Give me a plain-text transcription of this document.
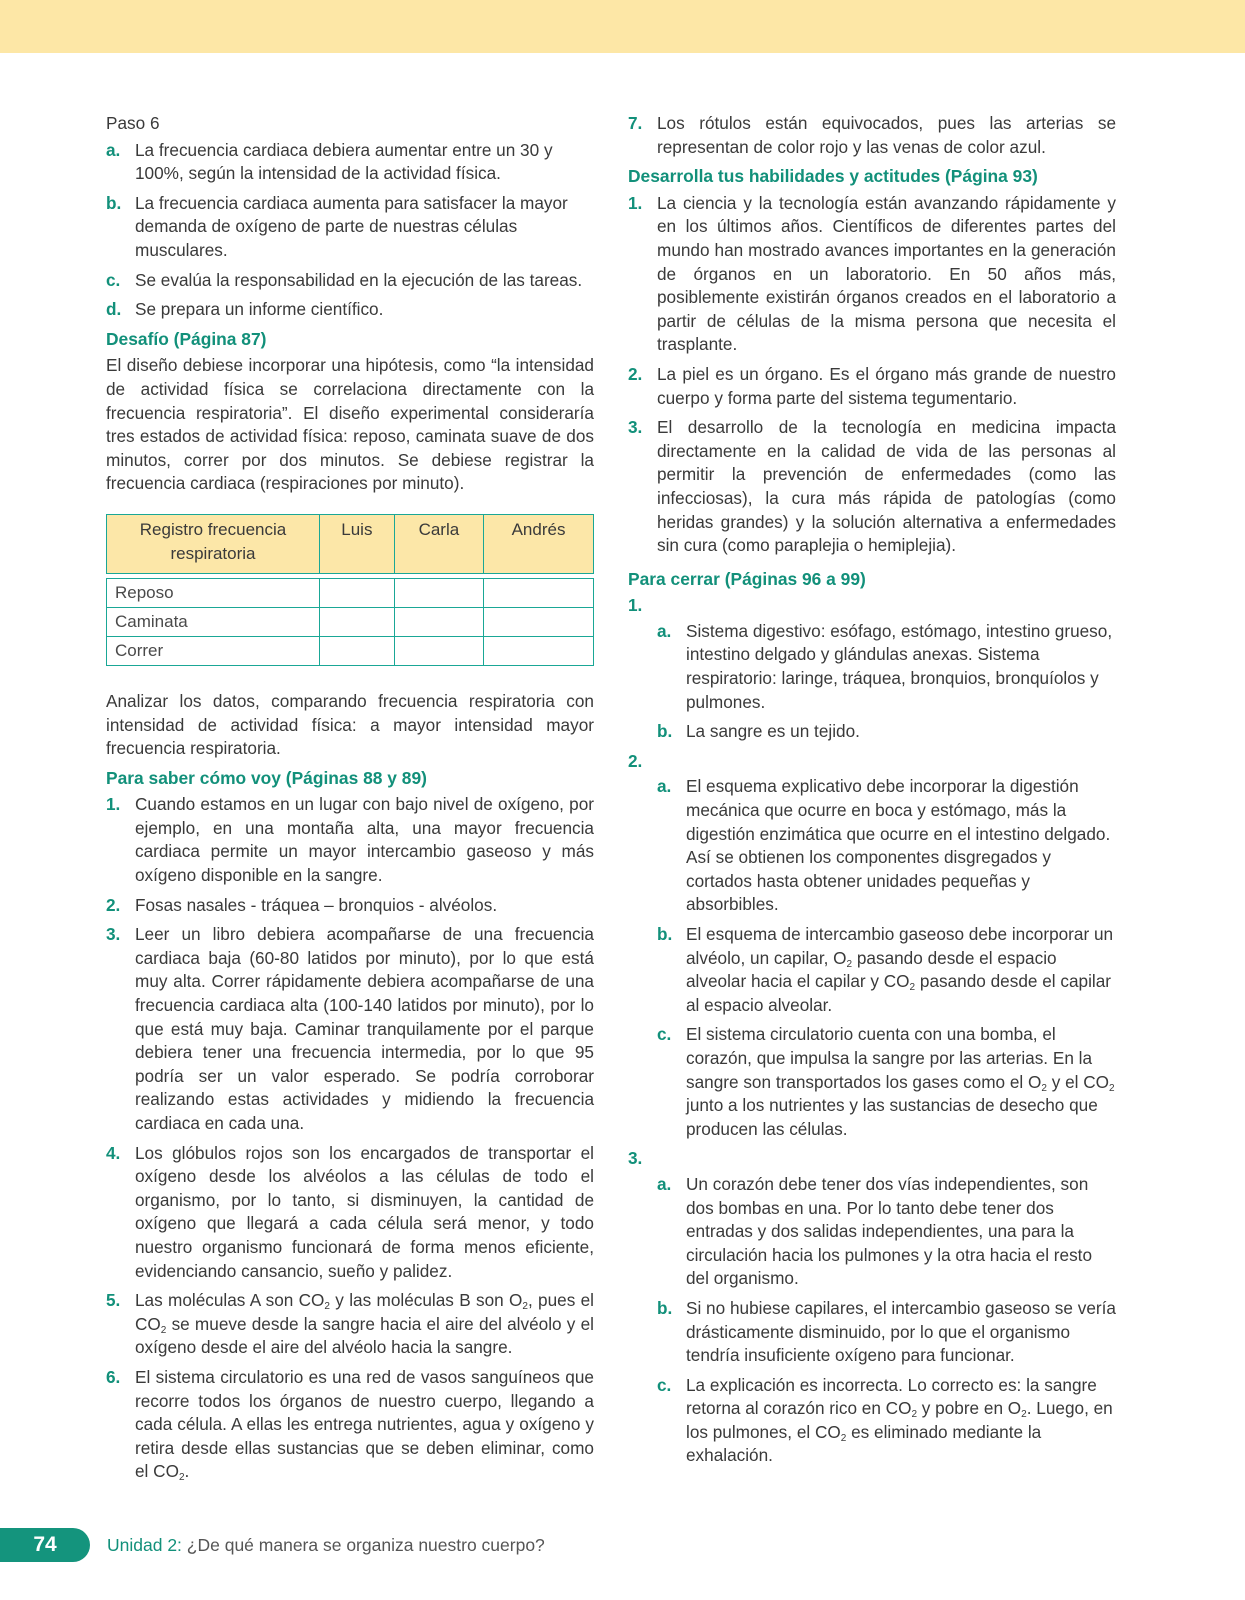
Paso 6
a. La frecuencia cardiaca debiera aumentar entre un 30 y 100%, según la intensidad de la actividad física.
b. La frecuencia cardiaca aumenta para satisfacer la mayor demanda de oxígeno de parte de nuestras células musculares.
c. Se evalúa la responsabilidad en la ejecución de las tareas.
d. Se prepara un informe científico.
Desafío (Página 87)
El diseño debiese incorporar una hipótesis, como “la intensidad de actividad física se correlaciona directamente con la frecuencia respiratoria”. El diseño experimental consideraría tres estados de actividad física: reposo, caminata suave de dos minutos, correr por dos minutos. Se debiese registrar la frecuencia cardiaca (respiraciones por minuto).
Registro frecuencia respiratoria	Luis	Carla	Andrés

Reposo			
Caminata			
Correr			
Analizar los datos, comparando frecuencia respiratoria con intensidad de actividad física: a mayor intensidad mayor frecuencia respiratoria.
Para saber cómo voy (Páginas 88 y 89)
1. Cuando estamos en un lugar con bajo nivel de oxígeno, por ejemplo, en una montaña alta, una mayor frecuencia cardiaca permite un mayor intercambio gaseoso y más oxígeno disponible en la sangre.
2. Fosas nasales - tráquea – bronquios - alvéolos.
3. Leer un libro debiera acompañarse de una frecuencia cardiaca baja (60-80 latidos por minuto), por lo que está muy alta. Correr rápidamente debiera acompañarse de una frecuencia cardiaca alta (100-140 latidos por minuto), por lo que está muy baja. Caminar tranquilamente por el parque debiera tener una frecuencia intermedia, por lo que 95 podría ser un valor esperado. Se podría corroborar realizando estas actividades y midiendo la frecuencia cardiaca en cada una.
4. Los glóbulos rojos son los encargados de transportar el oxígeno desde los alvéolos a las células de todo el organismo, por lo tanto, si disminuyen, la cantidad de oxígeno que llegará a cada célula será menor, y todo nuestro organismo funcionará de forma menos eficiente, evidenciando cansancio, sueño y palidez.
5. Las moléculas A son $CO_2$ y las moléculas B son $O_2$, pues el $CO_2$ se mueve desde la sangre hacia el aire del alvéolo y el oxígeno desde el aire del alvéolo hacia la sangre.
6. El sistema circulatorio es una red de vasos sanguíneos que recorre todos los órganos de nuestro cuerpo, llegando a cada célula. A ellas les entrega nutrientes, agua y oxígeno y retira desde ellas sustancias que se deben eliminar, como el $CO_2$.
7. Los rótulos están equivocados, pues las arterias se representan de color rojo y las venas de color azul.
Desarrolla tus habilidades y actitudes (Página 93)
1. La ciencia y la tecnología están avanzando rápidamente y en los últimos años. Científicos de diferentes partes del mundo han mostrado avances importantes en la generación de órganos en un laboratorio. En 50 años más, posiblemente existirán órganos creados en el laboratorio a partir de células de la misma persona que necesita el trasplante.
2. La piel es un órgano. Es el órgano más grande de nuestro cuerpo y forma parte del sistema tegumentario.
3. El desarrollo de la tecnología en medicina impacta directamente en la calidad de vida de las personas al permitir la prevención de enfermedades (como las infecciosas), la cura más rápida de patologías (como heridas grandes) y la solución alternativa a enfermedades sin cura (como paraplejia o hemiplejia).
Para cerrar (Páginas 96 a 99)
1.
a. Sistema digestivo: esófago, estómago, intestino grueso, intestino delgado y glándulas anexas. Sistema respiratorio: laringe, tráquea, bronquios, bronquíolos y pulmones.
b. La sangre es un tejido.
2.
a. El esquema explicativo debe incorporar la digestión mecánica que ocurre en boca y estómago, más la digestión enzimática que ocurre en el intestino delgado. Así se obtienen los componentes disgregados y cortados hasta obtener unidades pequeñas y absorbibles.
b. El esquema de intercambio gaseoso debe incorporar un alvéolo, un capilar, $O_2$ pasando desde el espacio alveolar hacia el capilar y $CO_2$ pasando desde el capilar al espacio alveolar.
c. El sistema circulatorio cuenta con una bomba, el corazón, que impulsa la sangre por las arterias. En la sangre son transportados los gases como el $O_2$ y el $CO_2$ junto a los nutrientes y las sustancias de desecho que producen las células.
3.
a. Un corazón debe tener dos vías independientes, son dos bombas en una. Por lo tanto debe tener dos entradas y dos salidas independientes, una para la circulación hacia los pulmones y la otra hacia el resto del organismo.
b. Si no hubiese capilares, el intercambio gaseoso se vería drásticamente disminuido, por lo que el organismo tendría insuficiente oxígeno para funcionar.
c. La explicación es incorrecta. Lo correcto es: la sangre retorna al corazón rico en $CO_2$ y pobre en $O_2$. Luego, en los pulmones, el $CO_2$ es eliminado mediante la exhalación.
74	Unidad 2: ¿De qué manera se organiza nuestro cuerpo?
